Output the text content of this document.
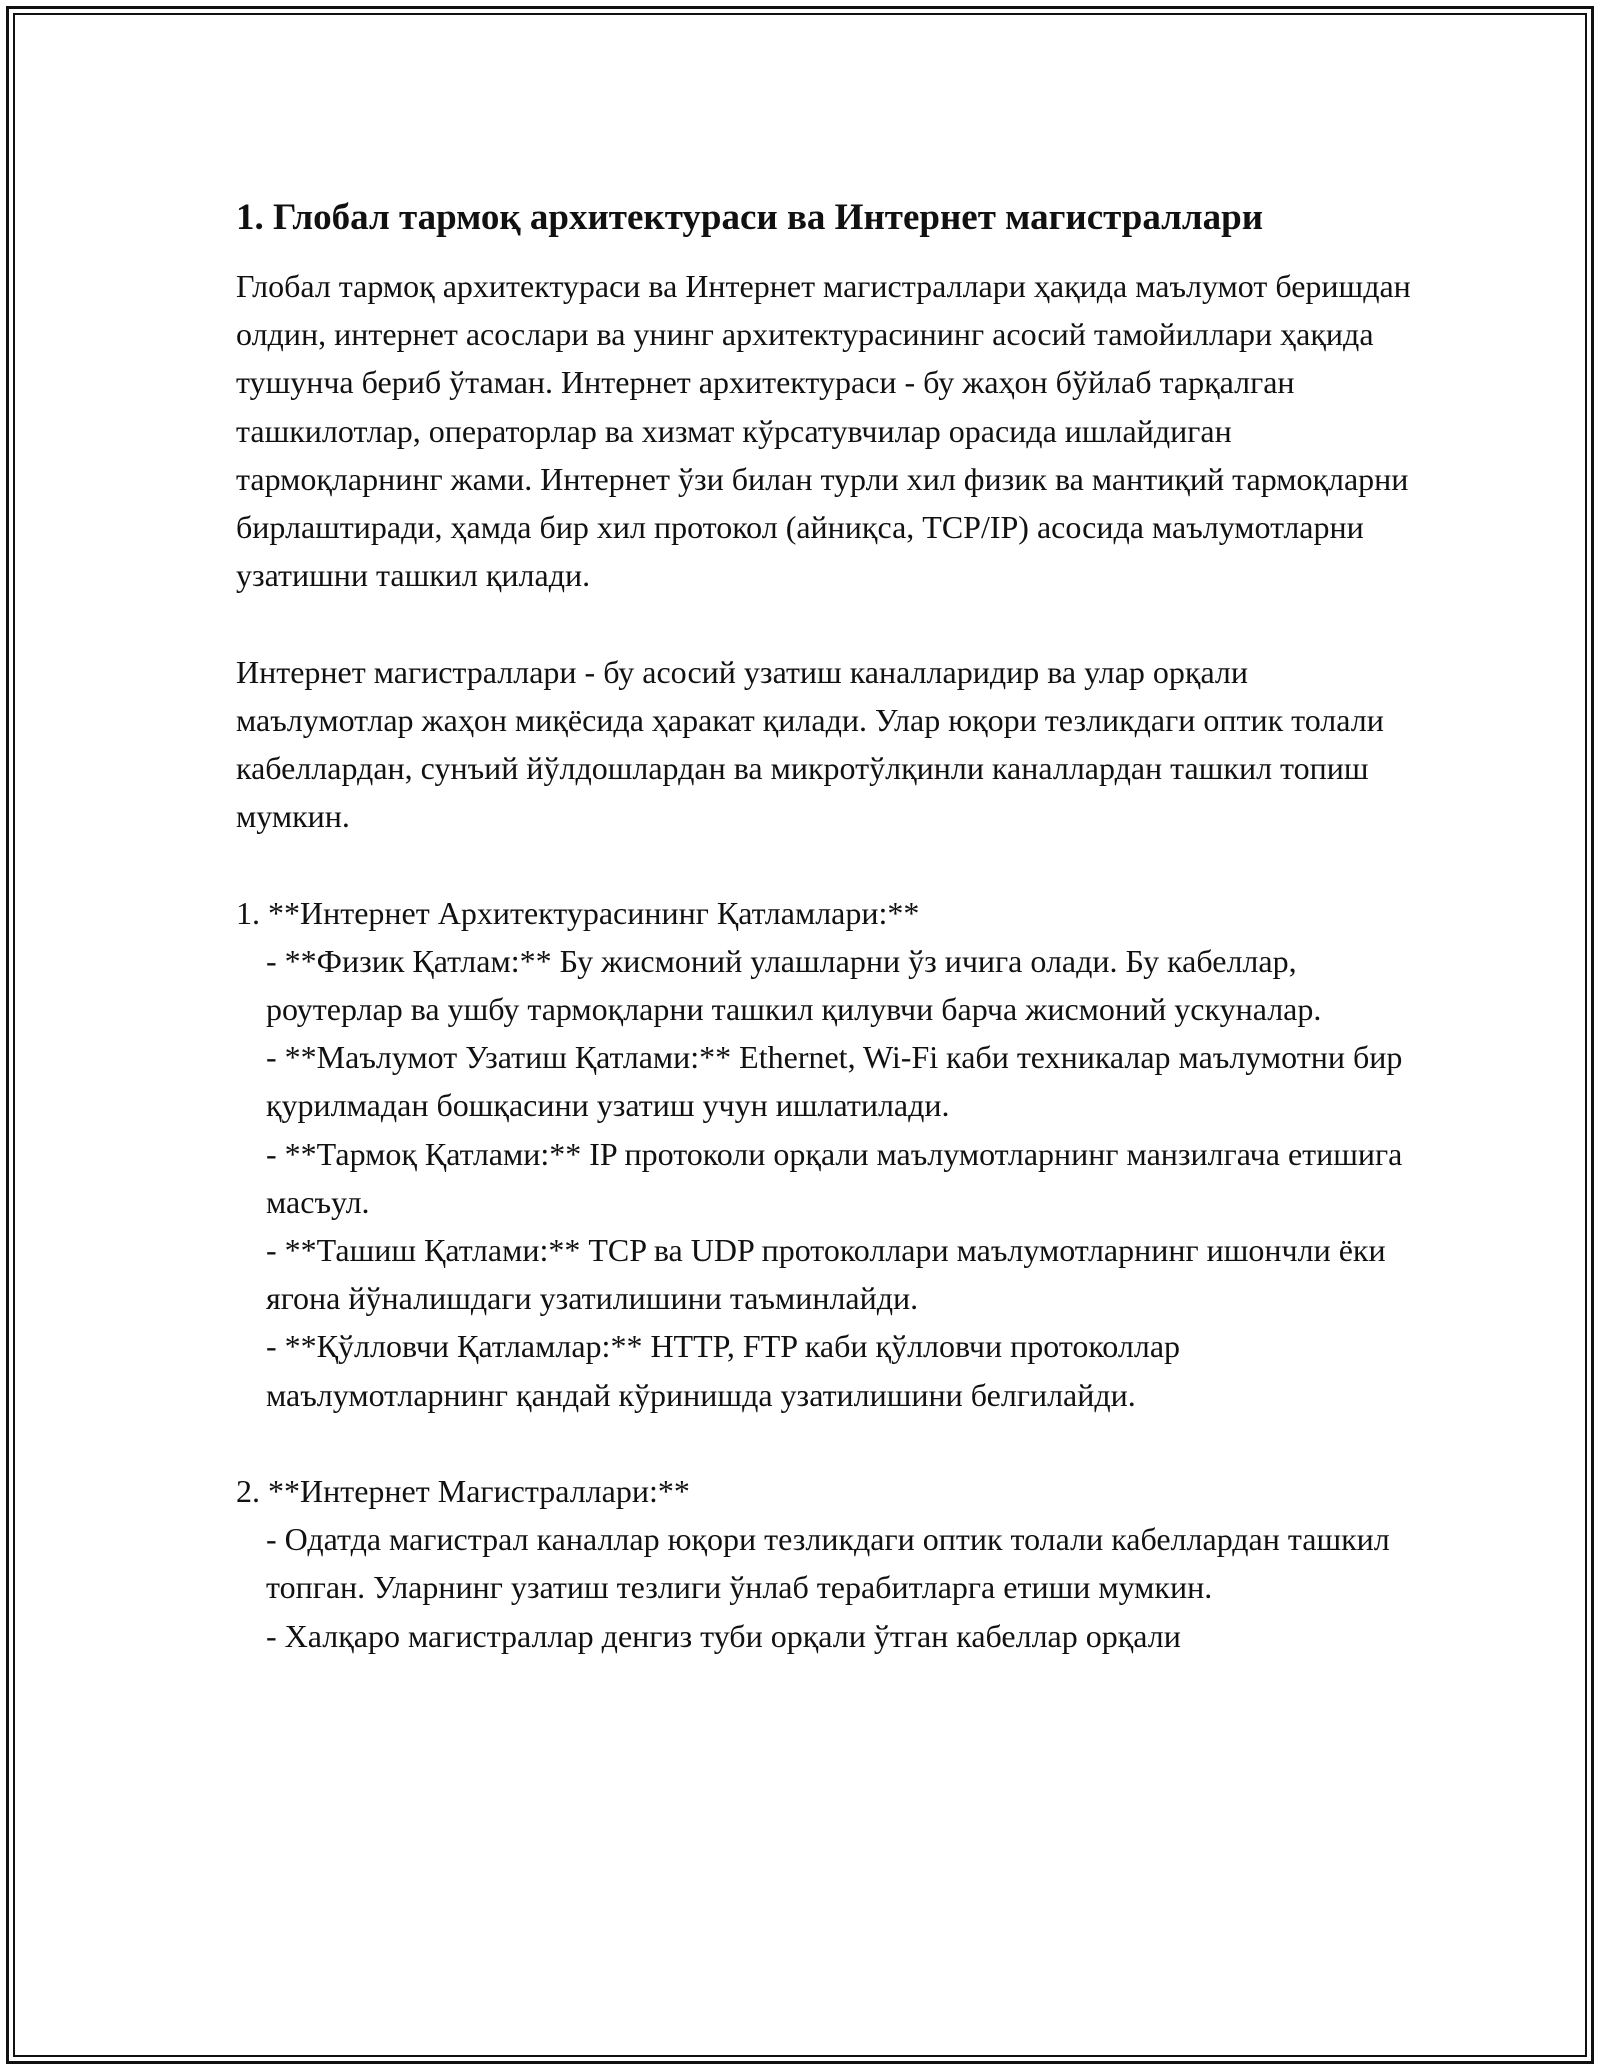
1. Глобал тармоқ архитектураси ва Интернет магистраллари

Глобал тармоқ архитектураси ва Интернет магистраллари ҳақида маълумот беришдан олдин, интернет асослари ва унинг архитектурасининг асосий тамойиллари ҳақида тушунча бериб ўтаман. Интернет архитектураси - бу жаҳон бўйлаб тарқалган ташкилотлар, операторлар ва хизмат кўрсатувчилар орасида ишлайдиган тармоқларнинг жами. Интернет ўзи билан турли хил физик ва мантиқий тармоқларни бирлаштиради, ҳамда бир хил протокол (айниқса, TCP/IP) асосида маълумотларни узатишни ташкил қилади.

Интернет магистраллари - бу асосий узатиш каналларидир ва улар орқали маълумотлар жаҳон миқёсида ҳаракат қилади. Улар юқори тезликдаги оптик толали кабеллардан, сунъий йўлдошлардан ва микротўлқинли каналлардан ташкил топиш мумкин.

1. **Интернет Архитектурасининг Қатламлари:**

- **Физик Қатлам:** Бу жисмоний улашларни ўз ичига олади. Бу кабеллар, роутерлар ва ушбу тармоқларни ташкил қилувчи барча жисмоний ускуналар.

- **Маълумот Узатиш Қатлами:** Ethernet, Wi-Fi каби техникалар маълумотни бир қурилмадан бошқасини узатиш учун ишлатилади.

- **Тармоқ Қатлами:** IP протоколи орқали маълумотларнинг манзилгача етишига масъул.

- **Ташиш Қатлами:** TCP ва UDP протоколлари маълумотларнинг ишончли ёки ягона йўналишдаги узатилишини таъминлайди.

- **Қўлловчи Қатламлар:** HTTP, FTP каби қўлловчи протоколлар маълумотларнинг қандай кўринишда узатилишини белгилайди.

2. **Интернет Магистраллари:**

- Одатда магистрал каналлар юқори тезликдаги оптик толали кабеллардан ташкил топган. Уларнинг узатиш тезлиги ўнлаб терабитларга етиши мумкин.

- Халқаро магистраллар денгиз туби орқали ўтган кабеллар орқали
